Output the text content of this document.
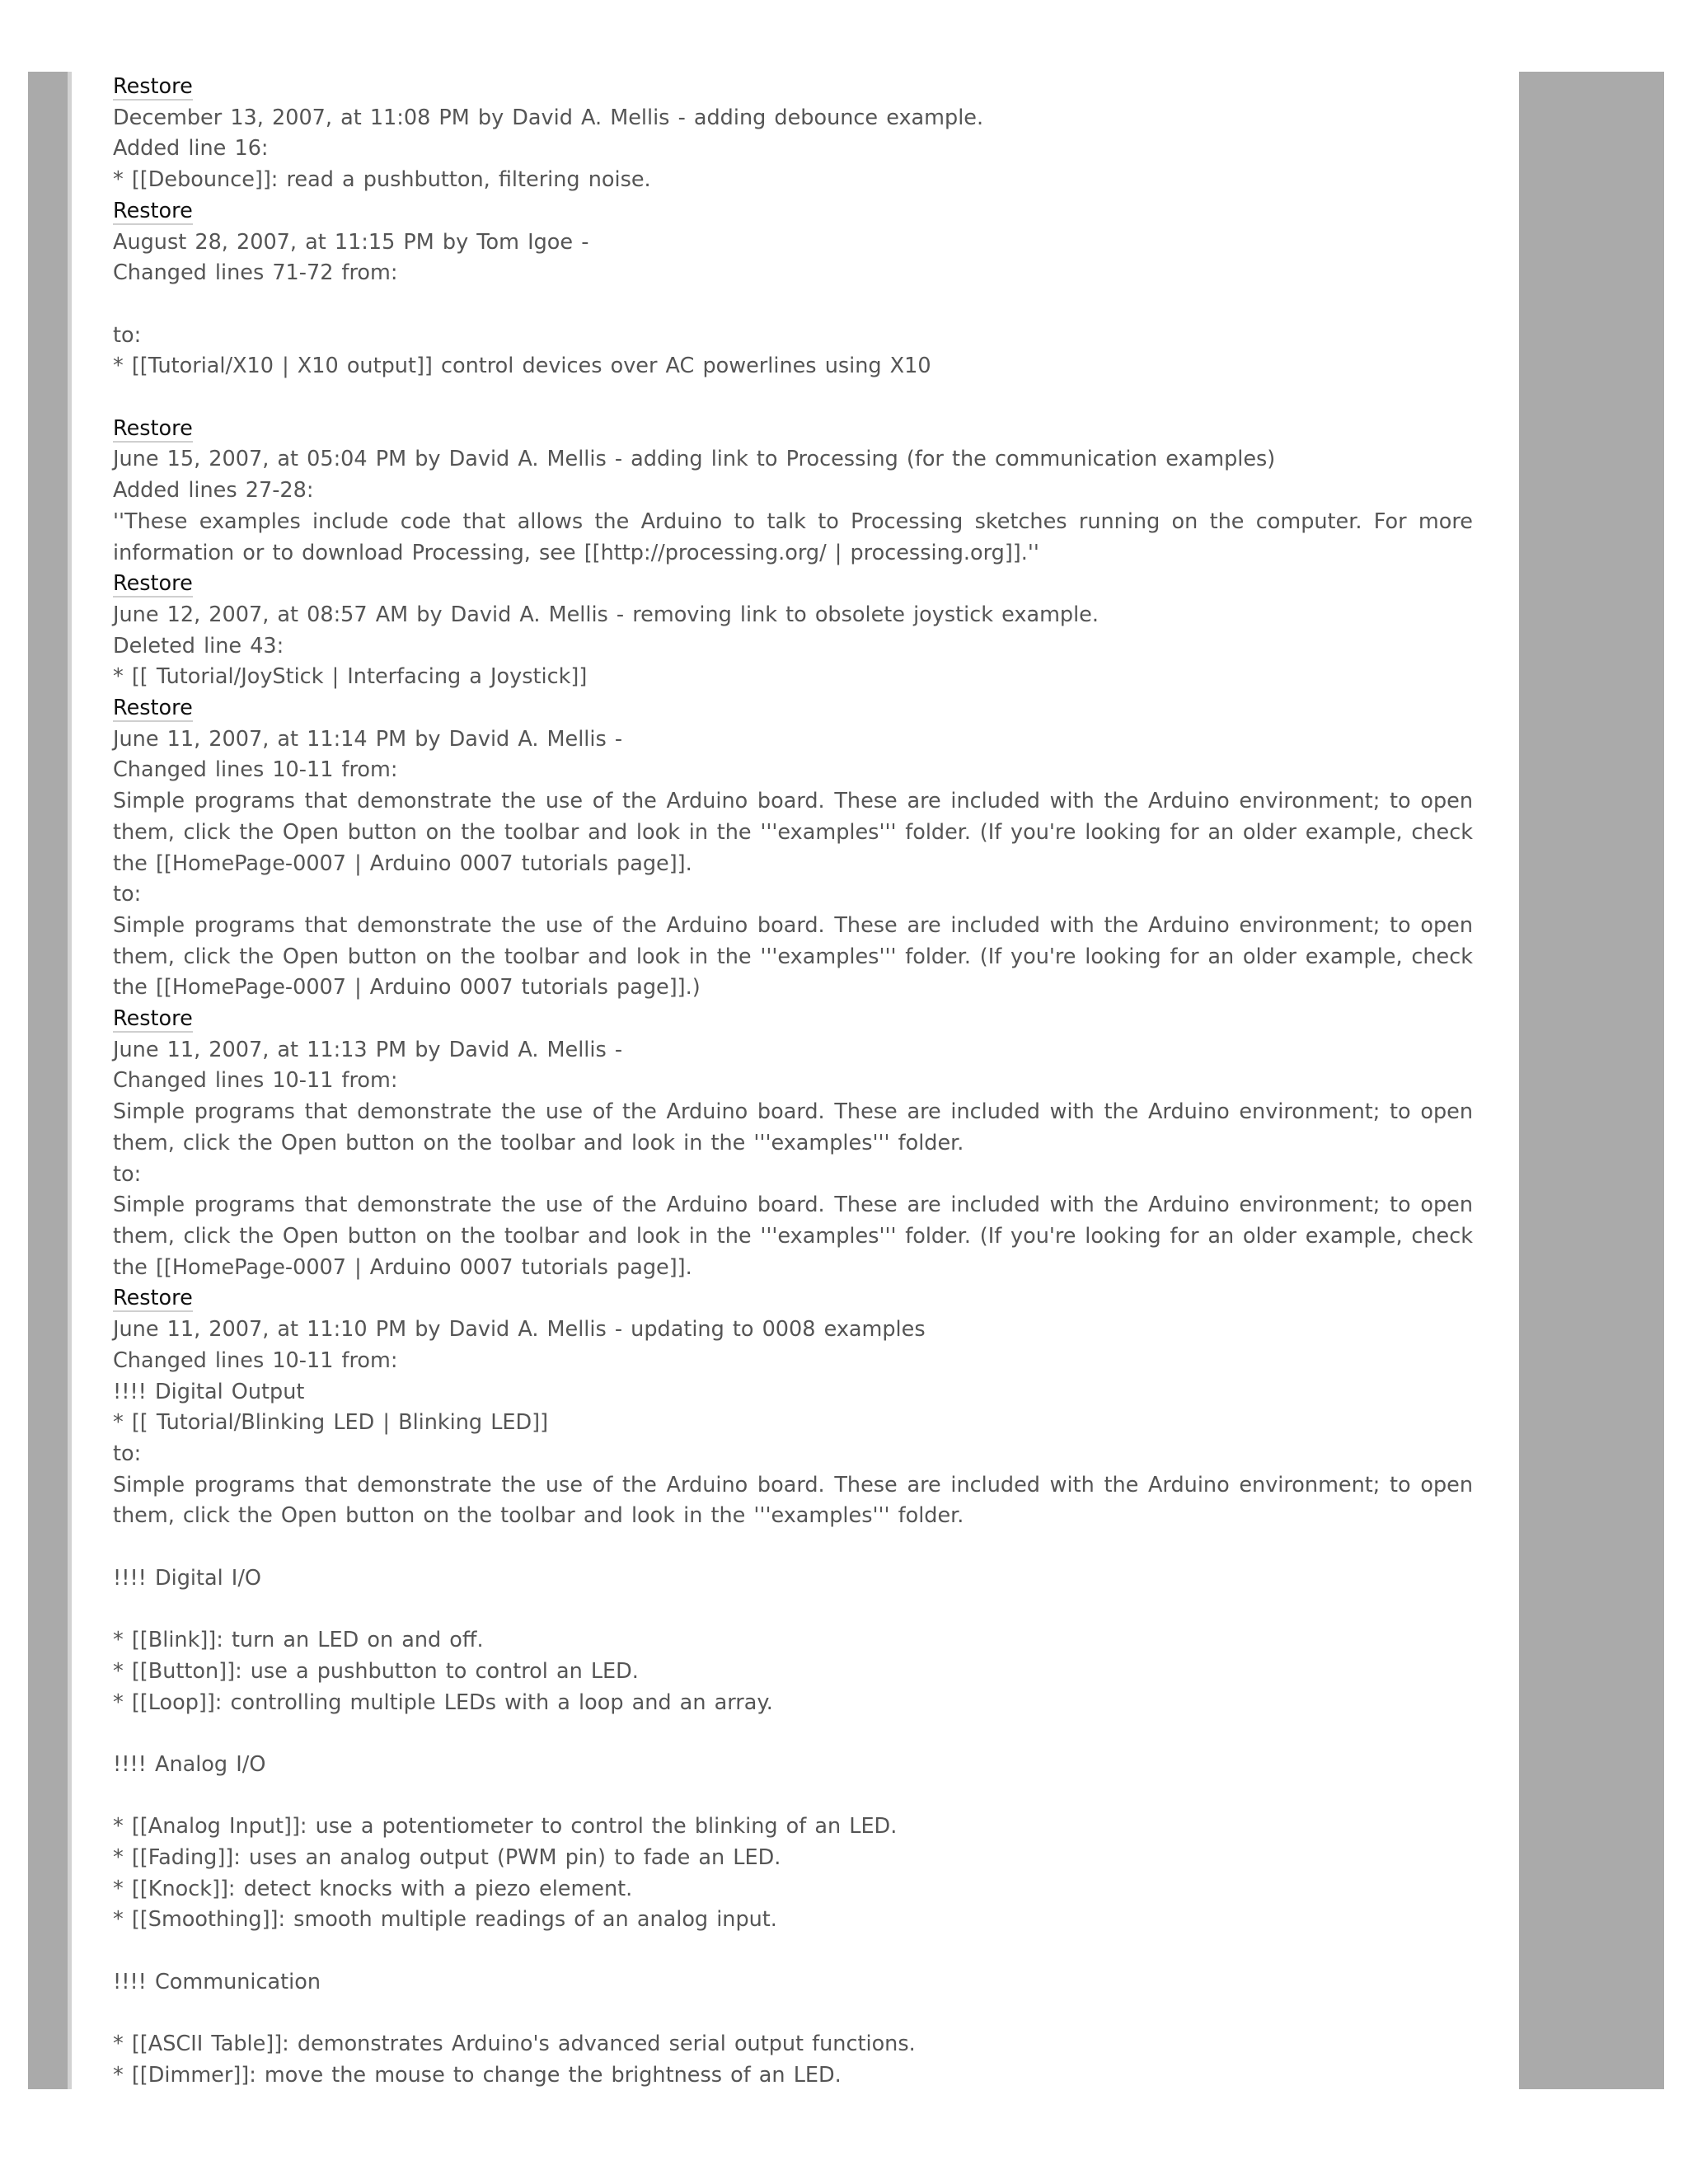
Restore
December 13, 2007, at 11:08 PM by David A. Mellis - adding debounce example.
Added line 16:
* [[Debounce]]: read a pushbutton, filtering noise.
Restore
August 28, 2007, at 11:15 PM by Tom Igoe -
Changed lines 71-72 from:
to:
* [[Tutorial/X10 | X10 output]] control devices over AC powerlines using X10
Restore
June 15, 2007, at 05:04 PM by David A. Mellis - adding link to Processing (for the communication examples)
Added lines 27-28:
''These examples include code that allows the Arduino to talk to Processing sketches running on the computer. For more information or to download Processing, see [[http://processing.org/ | processing.org]].''
Restore
June 12, 2007, at 08:57 AM by David A. Mellis - removing link to obsolete joystick example.
Deleted line 43:
* [[ Tutorial/JoyStick | Interfacing a Joystick]]
Restore
June 11, 2007, at 11:14 PM by David A. Mellis -
Changed lines 10-11 from:
Simple programs that demonstrate the use of the Arduino board. These are included with the Arduino environment; to open them, click the Open button on the toolbar and look in the '''examples''' folder. (If you're looking for an older example, check the [[HomePage-0007 | Arduino 0007 tutorials page]].
to:
Simple programs that demonstrate the use of the Arduino board. These are included with the Arduino environment; to open them, click the Open button on the toolbar and look in the '''examples''' folder. (If you're looking for an older example, check the [[HomePage-0007 | Arduino 0007 tutorials page]].)
Restore
June 11, 2007, at 11:13 PM by David A. Mellis -
Changed lines 10-11 from:
Simple programs that demonstrate the use of the Arduino board. These are included with the Arduino environment; to open them, click the Open button on the toolbar and look in the '''examples''' folder.
to:
Simple programs that demonstrate the use of the Arduino board. These are included with the Arduino environment; to open them, click the Open button on the toolbar and look in the '''examples''' folder. (If you're looking for an older example, check the [[HomePage-0007 | Arduino 0007 tutorials page]].
Restore
June 11, 2007, at 11:10 PM by David A. Mellis - updating to 0008 examples
Changed lines 10-11 from:
!!!! Digital Output
* [[ Tutorial/Blinking LED | Blinking LED]]
to:
Simple programs that demonstrate the use of the Arduino board. These are included with the Arduino environment; to open them, click the Open button on the toolbar and look in the '''examples''' folder.
!!!! Digital I/O
* [[Blink]]: turn an LED on and off.
* [[Button]]: use a pushbutton to control an LED.
* [[Loop]]: controlling multiple LEDs with a loop and an array.
!!!! Analog I/O
* [[Analog Input]]: use a potentiometer to control the blinking of an LED.
* [[Fading]]: uses an analog output (PWM pin) to fade an LED.
* [[Knock]]: detect knocks with a piezo element.
* [[Smoothing]]: smooth multiple readings of an analog input.
!!!! Communication
* [[ASCII Table]]: demonstrates Arduino's advanced serial output functions.
* [[Dimmer]]: move the mouse to change the brightness of an LED.
